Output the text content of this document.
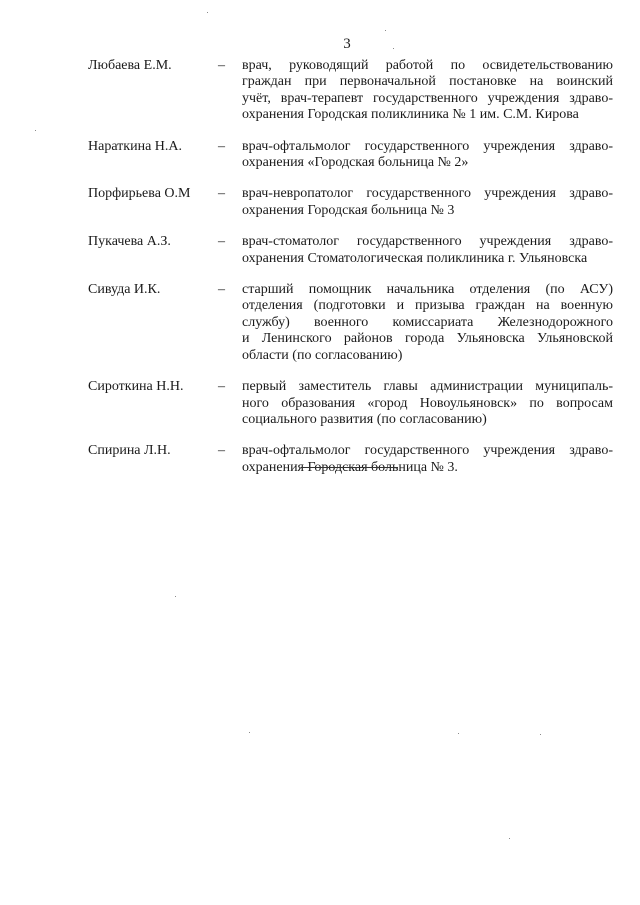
3
Любаева Е.М.	–	врач, руководящий работой по освидетельствованию
граждан при первоначальной постановке на воинский
учёт, врач-терапевт государственного учреждения здраво-
охранения Городская поликлиника № 1 им. С.М. Кирова
Нараткина Н.А.	–	врач-офтальмолог государственного учреждения здраво-
охранения «Городская больница № 2»
Порфирьева О.М	–	врач-невропатолог государственного учреждения здраво-
охранения Городская больница № 3
Пукачева А.З.	–	врач-стоматолог государственного учреждения здраво-
охранения Стоматологическая поликлиника г. Ульяновска
Сивуда И.К.	–	старший помощник начальника отделения (по АСУ)
отделения (подготовки и призыва граждан на военную
службу) военного комиссариата Железнодорожного
и Ленинского районов города Ульяновска Ульяновской
области (по согласованию)
Сироткина Н.Н.	–	первый заместитель главы администрации муниципаль-
ного образования «город Новоульяновск» по вопросам
социального развития (по согласованию)
Спирина Л.Н.	–	врач-офтальмолог государственного учреждения здраво-
охранения Городская больница № 3.
